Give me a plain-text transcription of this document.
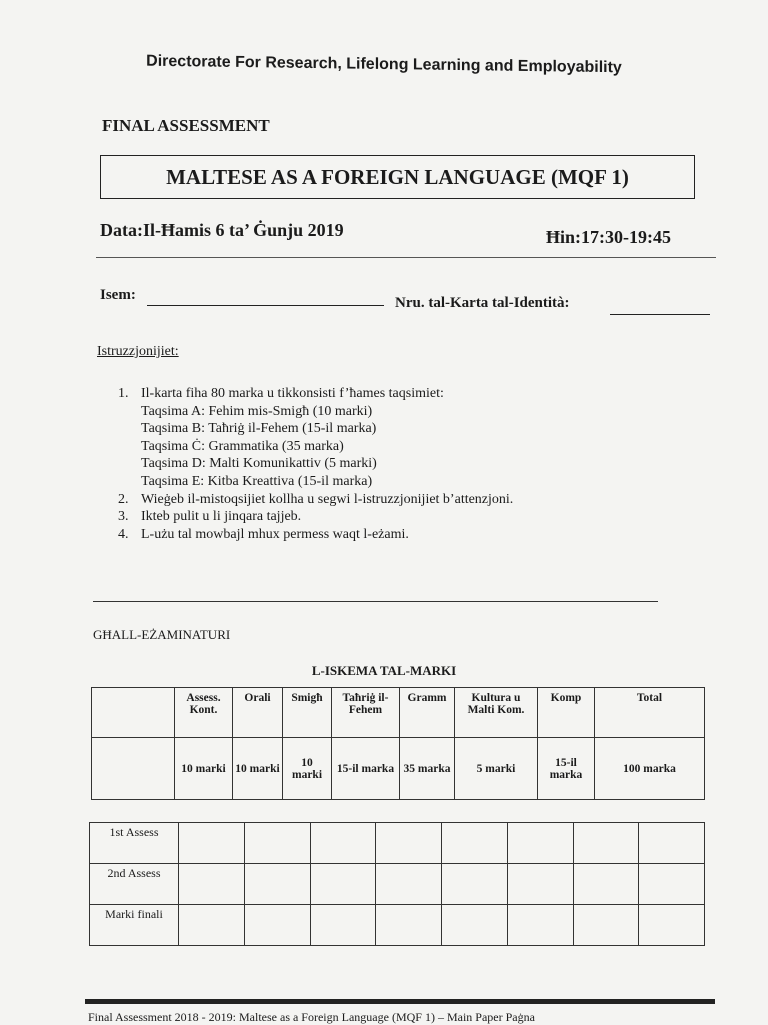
Directorate For Research, Lifelong Learning and Employability
FINAL ASSESSMENT
MALTESE AS A FOREIGN LANGUAGE (MQF 1)
Data:Il-Ħamis 6 ta’ Ġunju 2019	Ħin:17:30-19:45
Isem:	Nru. tal-Karta tal-Identità:
Istruzzjonijiet:
1. Il-karta fiha 80 marka u tikkonsisti f’ħames taqsimiet:
Taqsima A: Fehim mis-Smigħ (10 marki)
Taqsima B: Taħriġ il-Fehem (15-il marka)
Taqsima Ċ: Grammatika (35 marka)
Taqsima D: Malti Komunikattiv (5 marki)
Taqsima E: Kitba Kreattiva (15-il marka)
2. Wieġeb il-mistoqsijiet kollha u segwi l-istruzzjonijiet b’attenzjoni.
3. Ikteb pulit u li jinqara tajjeb.
4. L-użu tal mowbajl mhux permess waqt l-eżami.
GĦALL-EŻAMINATURI
L-ISKEMA TAL-MARKI
	Assess. Kont.	Orali	Smigħ	Taħriġ il-Fehem	Gramm	Kultura u Malti Kom.	Komp	Total
	10 marki	10 marki	10 marki	15-il marka	35 marka	5 marki	15-il marka	100 marka
1st Assess								
2nd Assess								
Marki finali								
Final Assessment 2018 - 2019: Maltese as a Foreign Language (MQF 1) – Main Paper Paġna
